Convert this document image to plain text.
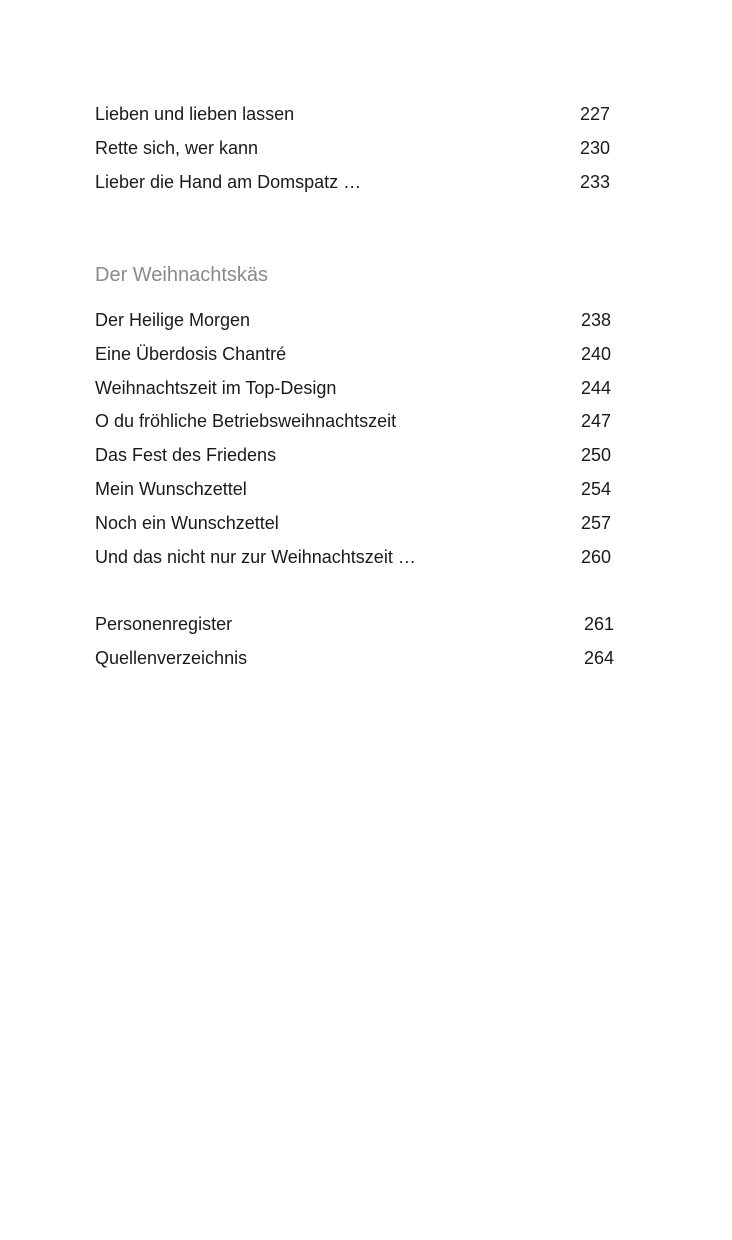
Lieben und lieben lassen	227
Rette sich, wer kann	230
Lieber die Hand am Domspatz …	233
Der Weihnachtskäs
Der Heilige Morgen	238
Eine Überdosis Chantré	240
Weihnachtszeit im Top-Design	244
O du fröhliche Betriebsweihnachtszeit	247
Das Fest des Friedens	250
Mein Wunschzettel	254
Noch ein Wunschzettel	257
Und das nicht nur zur Weihnachtszeit …	260
Personenregister	261
Quellenverzeichnis	264
